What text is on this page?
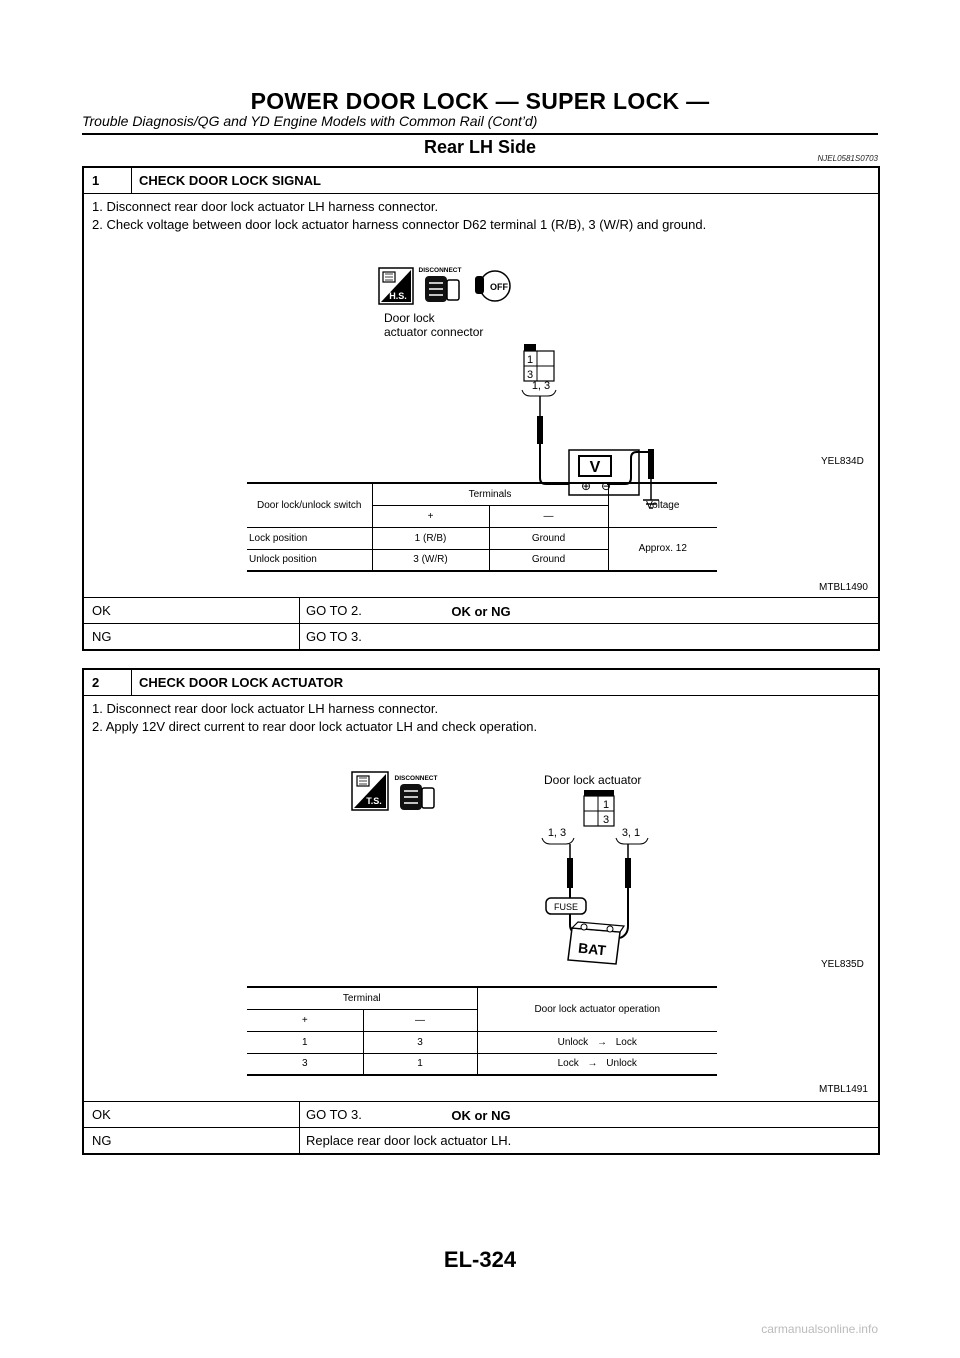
POWER DOOR LOCK — SUPER LOCK —
Trouble Diagnosis/QG and YD Engine Models with Common Rail (Cont’d)
Rear LH Side
NJEL0581S0703
1	CHECK DOOR LOCK SIGNAL
1. Disconnect rear door lock actuator LH harness connector.
2. Check voltage between door lock actuator harness connector D62 terminal 1 (R/B), 3 (W/R) and ground.
H.S.
DISCONNECT
OFF
Door lock
actuator connector
1
3
1, 3
V
⊕ ⊖
YEL834D
Door lock/unlock switch	Terminals		Voltage
	+	—	
Lock position	1 (R/B)	Ground	Approx. 12
Unlock position	3 (W/R)	Ground	
MTBL1490
OK or NG
OK	GO TO 2.
NG	GO TO 3.
2	CHECK DOOR LOCK ACTUATOR
1. Disconnect rear door lock actuator LH harness connector.
2. Apply 12V direct current to rear door lock actuator LH and check operation.
T.S.
DISCONNECT	Door lock actuator
1
3
1, 3	3, 1
FUSE
BAT
YEL835D
Terminal		Door lock actuator operation
+	—	
1	3	Unlock → Lock
3	1	Lock → Unlock
MTBL1491
OK or NG
OK	GO TO 3.
NG	Replace rear door lock actuator LH.
EL-324
carmanualsonline.info
